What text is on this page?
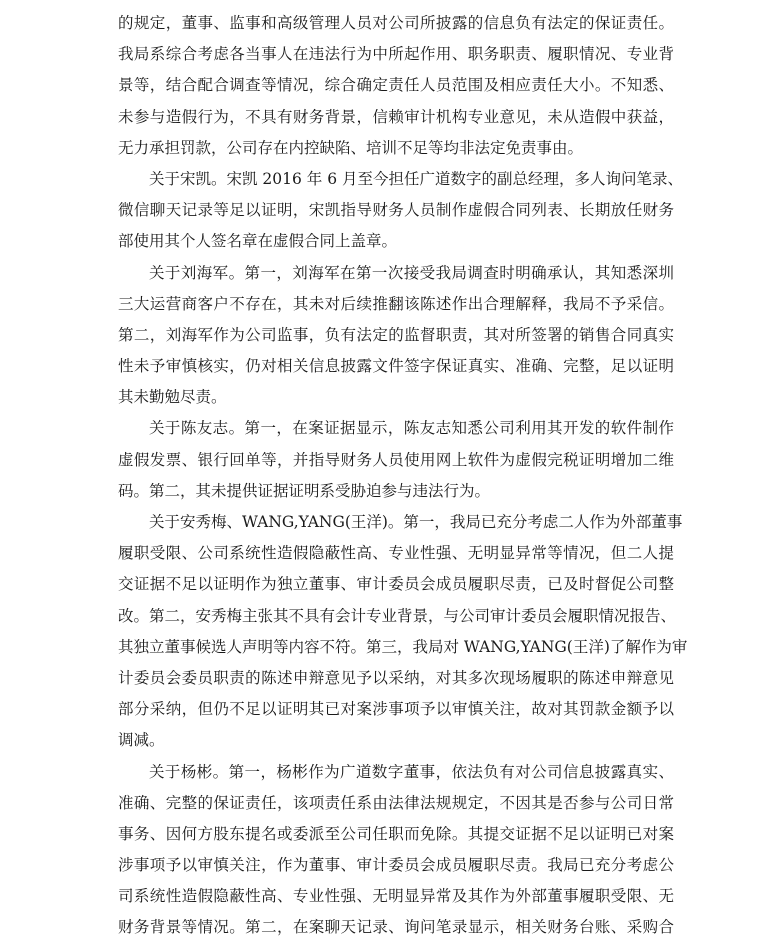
的规定，董事、监事和高级管理人员对公司所披露的信息负有法定的保证责任。
我局系综合考虑各当事人在违法行为中所起作用、职务职责、履职情况、专业背
景等，结合配合调查等情况，综合确定责任人员范围及相应责任大小。不知悉、
未参与造假行为，不具有财务背景，信赖审计机构专业意见，未从造假中获益，
无力承担罚款，公司存在内控缺陷、培训不足等均非法定免责事由。
关于宋凯。宋凯 2016 年 6 月至今担任广道数字的副总经理，多人询问笔录、
微信聊天记录等足以证明，宋凯指导财务人员制作虚假合同列表、长期放任财务
部使用其个人签名章在虚假合同上盖章。
关于刘海军。第一，刘海军在第一次接受我局调查时明确承认，其知悉深圳
三大运营商客户不存在，其未对后续推翻该陈述作出合理解释，我局不予采信。
第二，刘海军作为公司监事，负有法定的监督职责，其对所签署的销售合同真实
性未予审慎核实，仍对相关信息披露文件签字保证真实、准确、完整，足以证明
其未勤勉尽责。
关于陈友志。第一，在案证据显示，陈友志知悉公司利用其开发的软件制作
虚假发票、银行回单等，并指导财务人员使用网上软件为虚假完税证明增加二维
码。第二，其未提供证据证明系受胁迫参与违法行为。
关于安秀梅、WANG,YANG(王洋)。第一，我局已充分考虑二人作为外部董事
履职受限、公司系统性造假隐蔽性高、专业性强、无明显异常等情况，但二人提
交证据不足以证明作为独立董事、审计委员会成员履职尽责，已及时督促公司整
改。第二，安秀梅主张其不具有会计专业背景，与公司审计委员会履职情况报告、
其独立董事候选人声明等内容不符。第三，我局对 WANG,YANG(王洋)了解作为审
计委员会委员职责的陈述申辩意见予以采纳，对其多次现场履职的陈述申辩意见
部分采纳，但仍不足以证明其已对案涉事项予以审慎关注，故对其罚款金额予以
调减。
关于杨彬。第一，杨彬作为广道数字董事，依法负有对公司信息披露真实、
准确、完整的保证责任，该项责任系由法律法规规定，不因其是否参与公司日常
事务、因何方股东提名或委派至公司任职而免除。其提交证据不足以证明已对案
涉事项予以审慎关注，作为董事、审计委员会成员履职尽责。我局已充分考虑公
司系统性造假隐蔽性高、专业性强、无明显异常及其作为外部董事履职受限、无
财务背景等情况。第二，在案聊天记录、询问笔录显示，相关财务台账、采购合
